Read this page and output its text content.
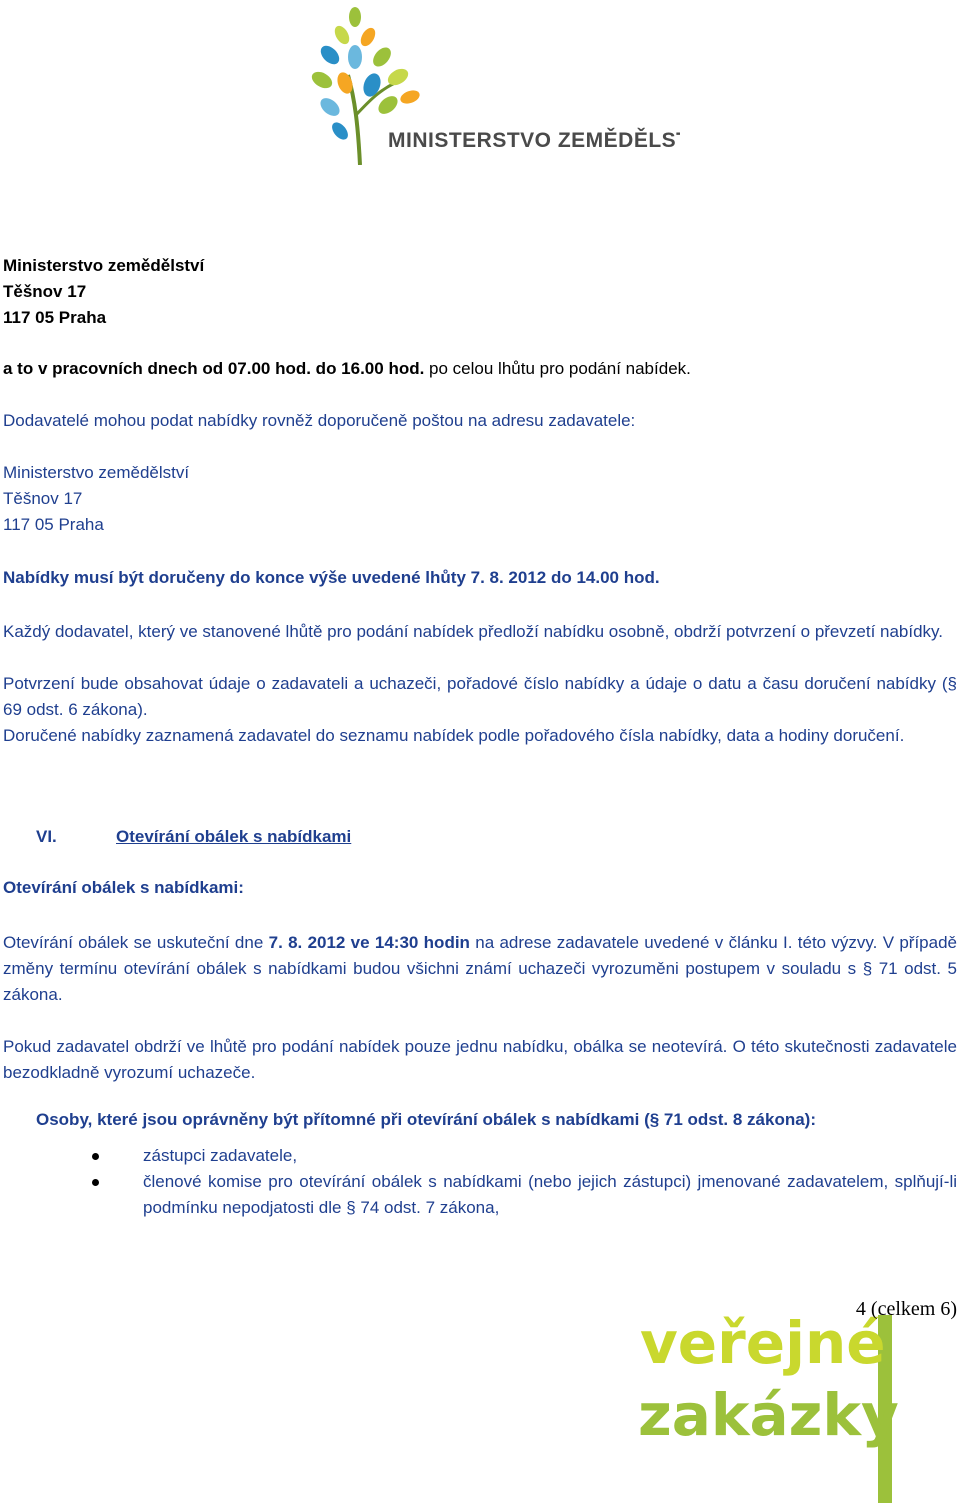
MINISTERSTVO ZEMĚDĚLSTVÍ
Ministerstvo zemědělství
Těšnov 17
117 05 Praha
a to v pracovních dnech od 07.00 hod. do 16.00 hod. po celou lhůtu pro podání nabídek.
Dodavatelé mohou podat nabídky rovněž doporučeně poštou na adresu zadavatele:
Ministerstvo zemědělství
Těšnov 17
117 05 Praha
Nabídky musí být doručeny do konce výše uvedené lhůty 7. 8. 2012 do 14.00 hod.
Každý dodavatel, který ve stanovené lhůtě pro podání nabídek předloží nabídku osobně, obdrží potvrzení o převzetí nabídky.
Potvrzení bude obsahovat údaje o zadavateli a uchazeči, pořadové číslo nabídky a údaje o datu a času doručení nabídky (§ 69 odst. 6 zákona).
Doručené nabídky zaznamená zadavatel do seznamu nabídek podle pořadového čísla nabídky, data a hodiny doručení.
VI.	Otevírání obálek s nabídkami
Otevírání obálek s nabídkami:
Otevírání obálek se uskuteční dne 7. 8. 2012 ve 14:30 hodin na adrese zadavatele uvedené v článku I. této výzvy. V případě změny termínu otevírání obálek s nabídkami budou všichni známí uchazeči vyrozuměni postupem v souladu s § 71 odst. 5 zákona.
Pokud zadavatel obdrží ve lhůtě pro podání nabídek pouze jednu nabídku, obálka se neotevírá. O této skutečnosti zadavatele bezodkladně vyrozumí uchazeče.
Osoby, které jsou oprávněny být přítomné při otevírání obálek s nabídkami (§ 71 odst. 8 zákona):
zástupci zadavatele,
členové komise pro otevírání obálek s nabídkami (nebo jejich zástupci) jmenované zadavatelem, splňují-li podmínku nepodjatosti dle § 74 odst. 7 zákona,
veřejné
zakázky
4 (celkem 6)
